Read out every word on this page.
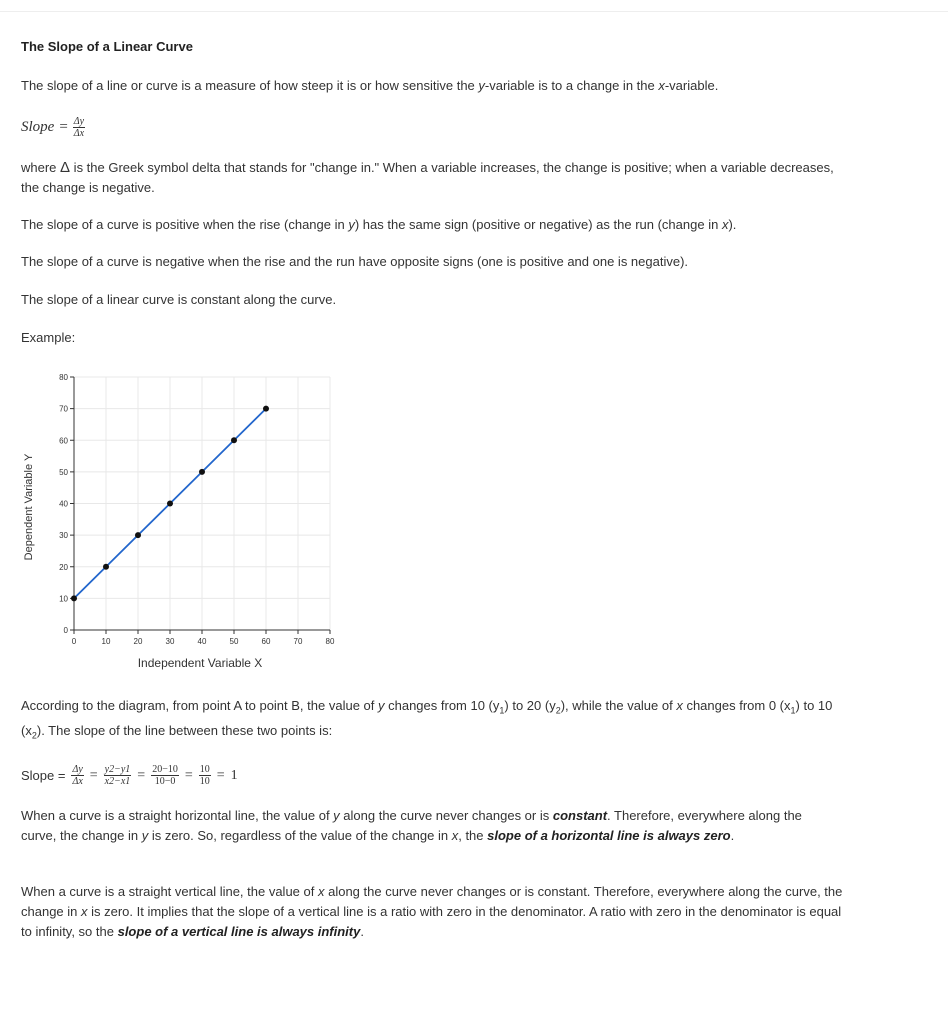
The Slope of a Linear Curve
The slope of a line or curve is a measure of how steep it is or how sensitive the y-variable is to a change in the x-variable.
Slope = $\frac{\Delta y}{\Delta x}$
where Δ is the Greek symbol delta that stands for "change in." When a variable increases, the change is positive; when a variable decreases, the change is negative.
The slope of a curve is positive when the rise (change in y) has the same sign (positive or negative) as the run (change in x).
The slope of a curve is negative when the rise and the run have opposite signs (one is positive and one is negative).
The slope of a linear curve is constant along the curve.
Example:
According to the diagram, from point A to point B, the value of y changes from 10 $(y_1)$ to 20 $(y_2)$, while the value of x changes from 0 $(x_1)$ to 10 $(x_2)$. The slope of the line between these two points is:
Slope = $\frac{\Delta y}{\Delta x} = \frac{y2-y1}{x2-x1} = \frac{20-10}{10-0} = \frac{10}{10} = 1$
When a curve is a straight horizontal line, the value of y along the curve never changes or is constant. Therefore, everywhere along the curve, the change in y is zero. So, regardless of the value of the change in x, the slope of a horizontal line is always zero.
When a curve is a straight vertical line, the value of x along the curve never changes or is constant. Therefore, everywhere along the curve, the change in x is zero. It implies that the slope of a vertical line is a ratio with zero in the denominator. A ratio with zero in the denominator is equal to infinity, so the slope of a vertical line is always infinity.
0
10
20
30
40
50
60
70
80
0	10	20	30	40	50	60	70	80
Independent Variable X
Dependent Variable Y
